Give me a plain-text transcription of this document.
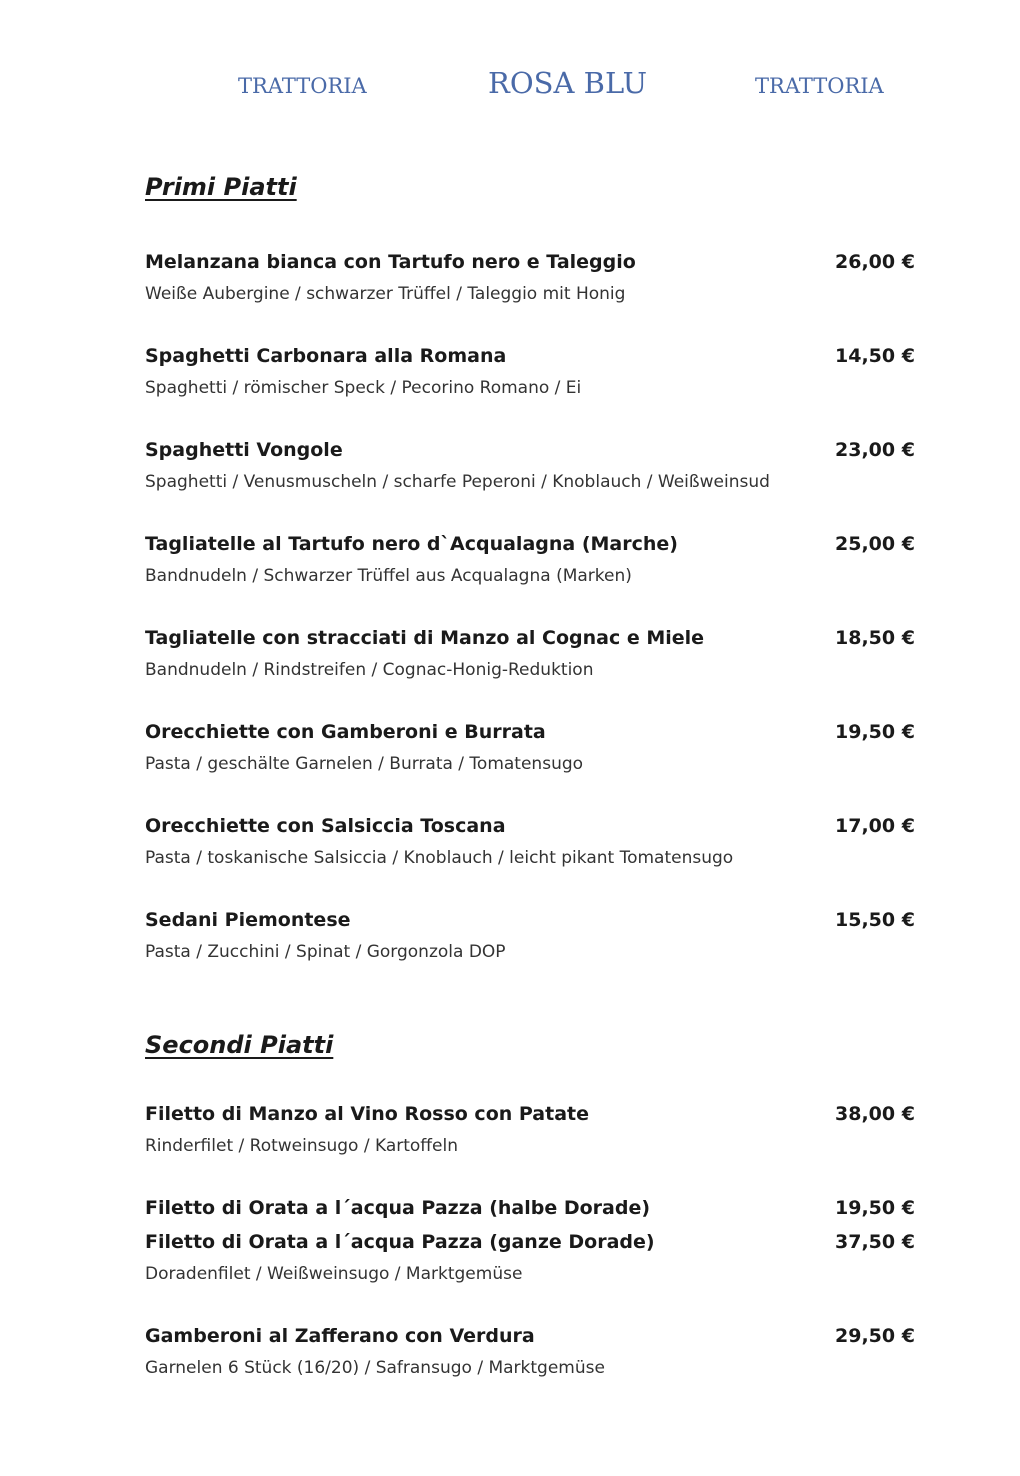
TRATTORIA	ROSA BLU	TRATTORIA
Primi Piatti
Melanzana bianca con Tartufo nero e Taleggio	26,00 €
Weiße Aubergine / schwarzer Trüffel / Taleggio mit Honig
Spaghetti Carbonara alla Romana	14,50 €
Spaghetti / römischer Speck / Pecorino Romano / Ei
Spaghetti Vongole	23,00 €
Spaghetti / Venusmuscheln / scharfe Peperoni / Knoblauch / Weißweinsud
Tagliatelle al Tartufo nero d`Acqualagna (Marche)	25,00 €
Bandnudeln / Schwarzer Trüffel aus Acqualagna (Marken)
Tagliatelle con stracciati di Manzo al Cognac e Miele	18,50 €
Bandnudeln / Rindstreifen / Cognac-Honig-Reduktion
Orecchiette con Gamberoni e Burrata	19,50 €
Pasta / geschälte Garnelen / Burrata / Tomatensugo
Orecchiette con Salsiccia Toscana	17,00 €
Pasta / toskanische Salsiccia / Knoblauch / leicht pikant Tomatensugo
Sedani Piemontese	15,50 €
Pasta / Zucchini / Spinat / Gorgonzola DOP
Secondi Piatti
Filetto di Manzo al Vino Rosso con Patate	38,00 €
Rinderfilet / Rotweinsugo / Kartoffeln
Filetto di Orata a l´acqua Pazza (halbe Dorade)	19,50 €
Filetto di Orata a l´acqua Pazza (ganze Dorade)	37,50 €
Doradenfilet / Weißweinsugo / Marktgemüse
Gamberoni al Zafferano con Verdura	29,50 €
Garnelen 6 Stück (16/20) / Safransugo / Marktgemüse
